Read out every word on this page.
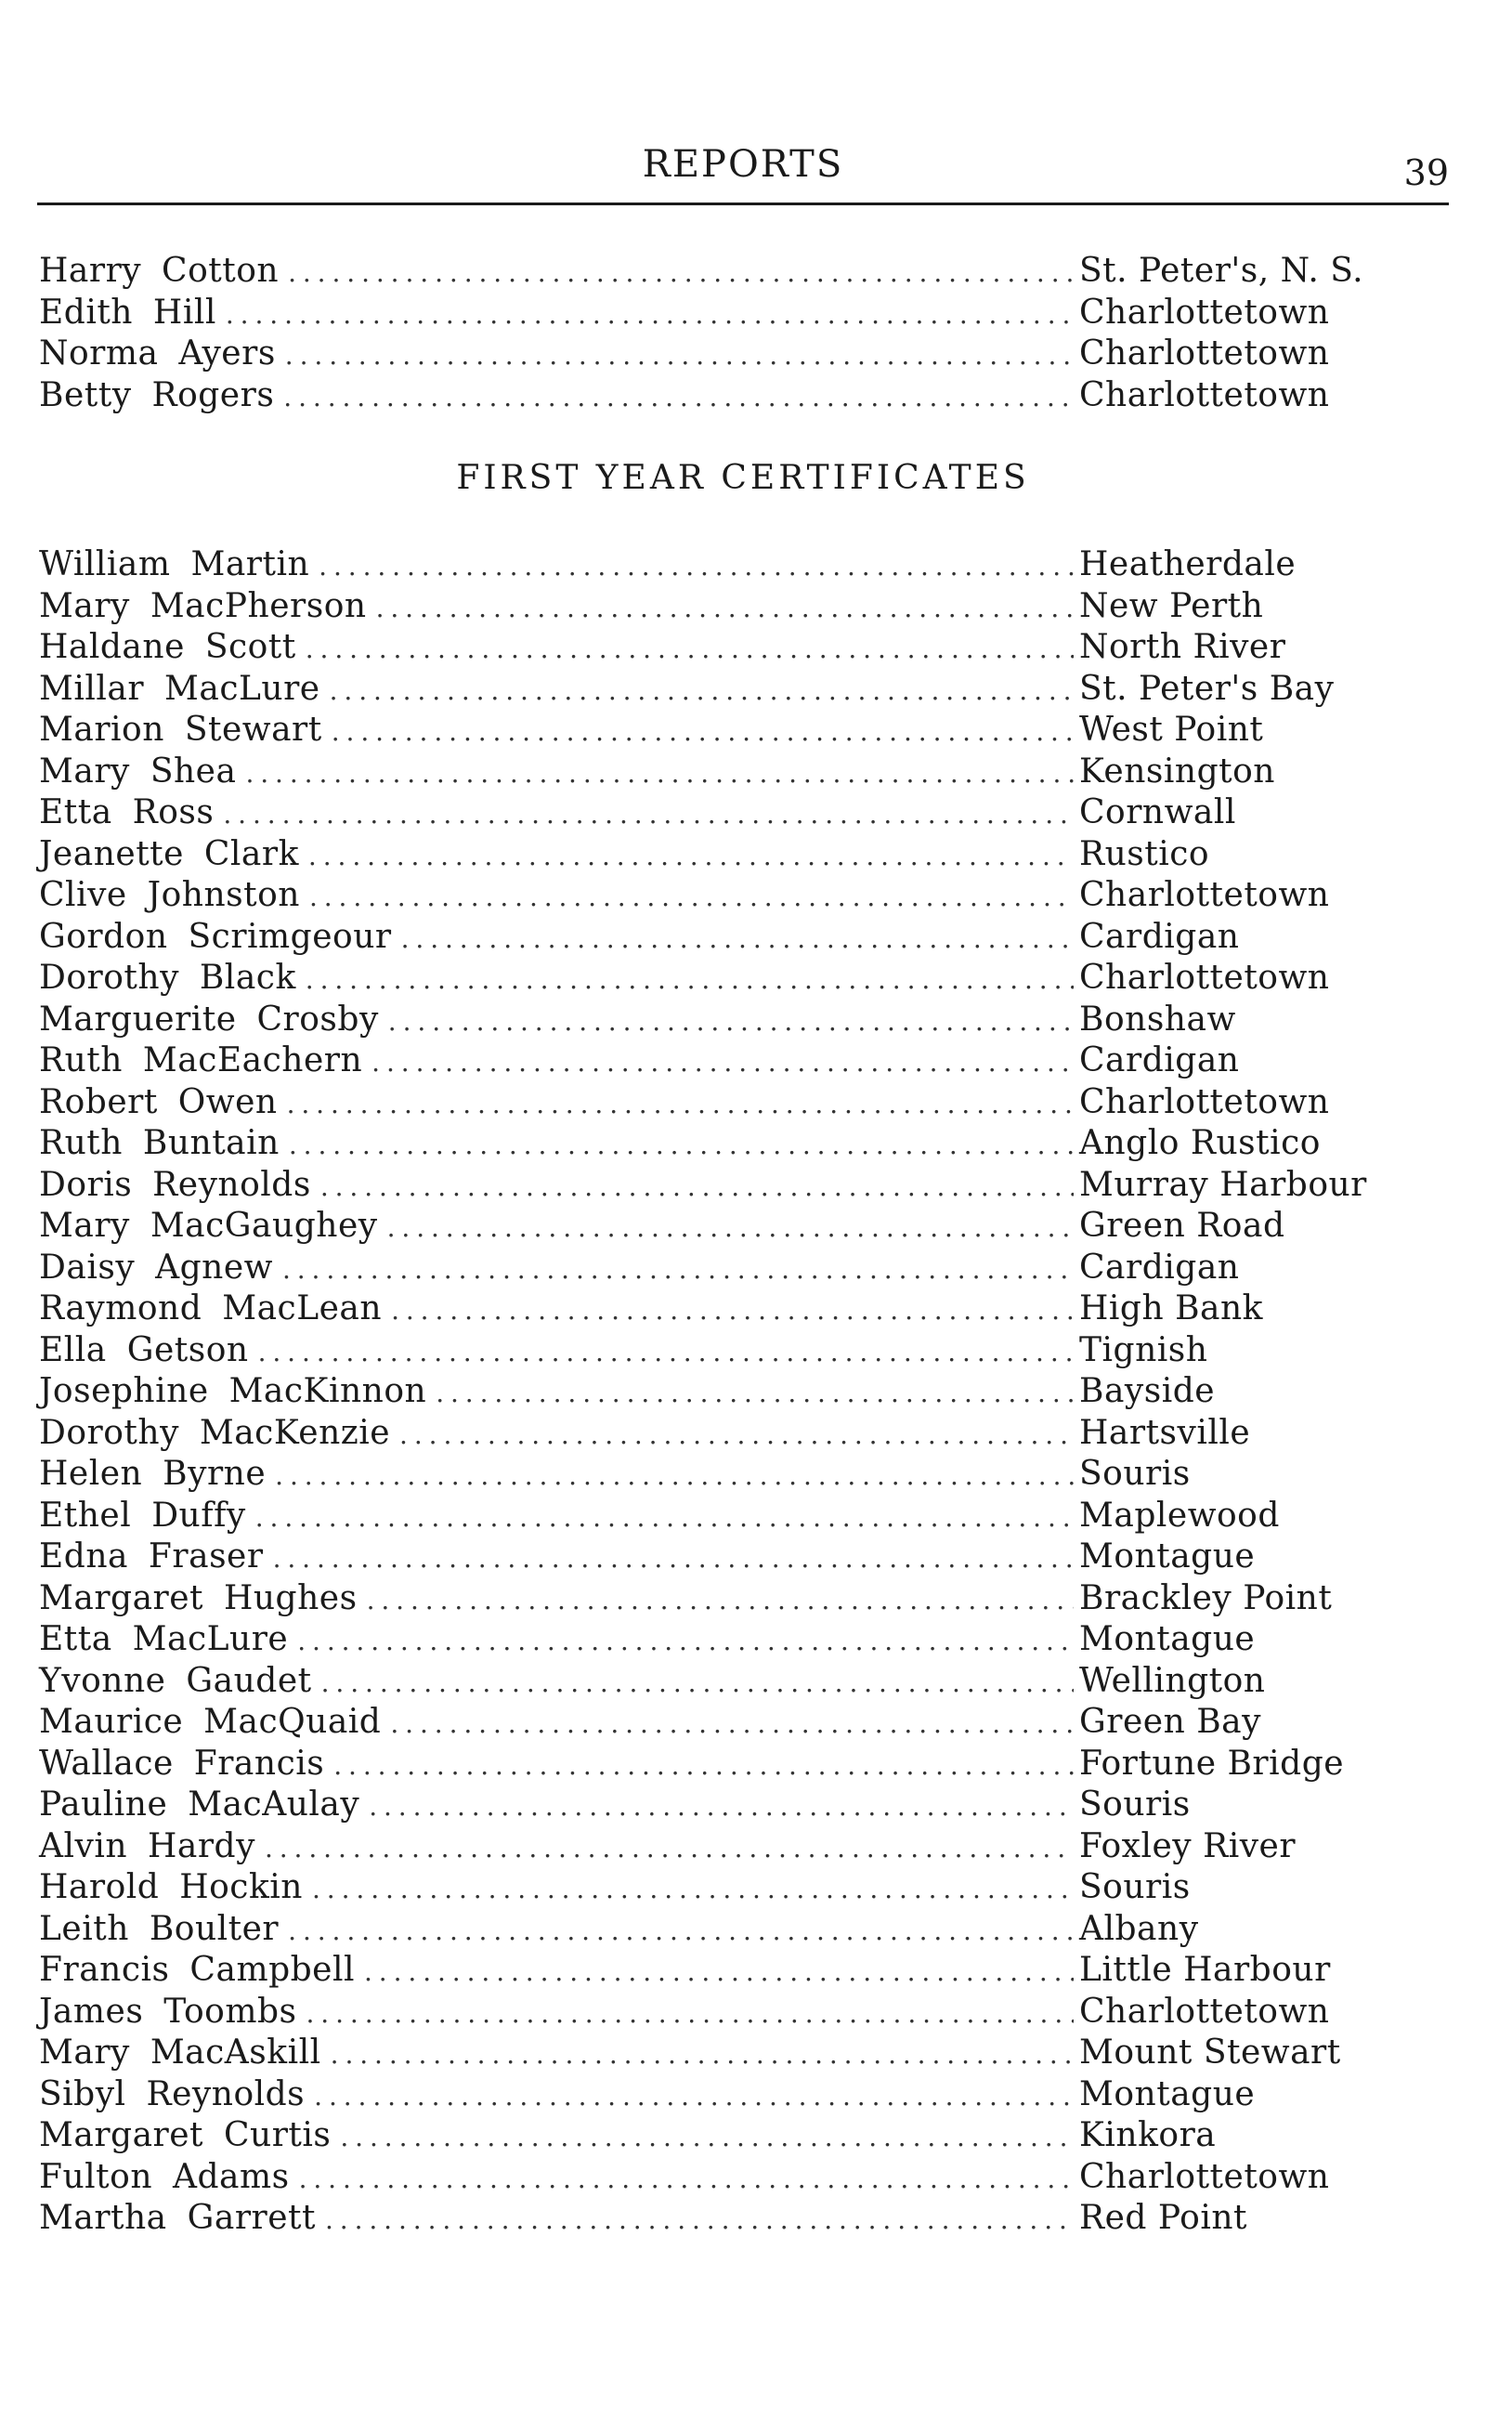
REPORTS	39
Harry Cotton . . .	St. Peter's, N. S.
Edith Hill . . .	Charlottetown
Norma Ayers . . .	Charlottetown
Betty Rogers . . .	Charlottetown
FIRST YEAR CERTIFICATES
William Martin . . .	Heatherdale
Mary MacPherson . . .	New Perth
Haldane Scott . . .	North River
Millar MacLure . . .	St. Peter's Bay
Marion Stewart . . .	West Point
Mary Shea . . .	Kensington
Etta Ross . . .	Cornwall
Jeanette Clark . . .	Rustico
Clive Johnston . . .	Charlottetown
Gordon Scrimgeour . . .	Cardigan
Dorothy Black . . .	Charlottetown
Marguerite Crosby . . .	Bonshaw
Ruth MacEachern . . .	Cardigan
Robert Owen . . .	Charlottetown
Ruth Buntain . . .	Anglo Rustico
Doris Reynolds . . .	Murray Harbour
Mary MacGaughey . . .	Green Road
Daisy Agnew . . .	Cardigan
Raymond MacLean . . .	High Bank
Ella Getson . . .	Tignish
Josephine MacKinnon . . .	Bayside
Dorothy MacKenzie . . .	Hartsville
Helen Byrne . . .	Souris
Ethel Duffy . . .	Maplewood
Edna Fraser . . .	Montague
Margaret Hughes . . .	Brackley Point
Etta MacLure . . .	Montague
Yvonne Gaudet . . .	Wellington
Maurice MacQuaid . . .	Green Bay
Wallace Francis . . .	Fortune Bridge
Pauline MacAulay . . .	Souris
Alvin Hardy . . .	Foxley River
Harold Hockin . . .	Souris
Leith Boulter . . .	Albany
Francis Campbell . . .	Little Harbour
James Toombs . . .	Charlottetown
Mary MacAskill . . .	Mount Stewart
Sibyl Reynolds . . .	Montague
Margaret Curtis . . .	Kinkora
Fulton Adams . . .	Charlottetown
Martha Garrett . . .	Red Point
